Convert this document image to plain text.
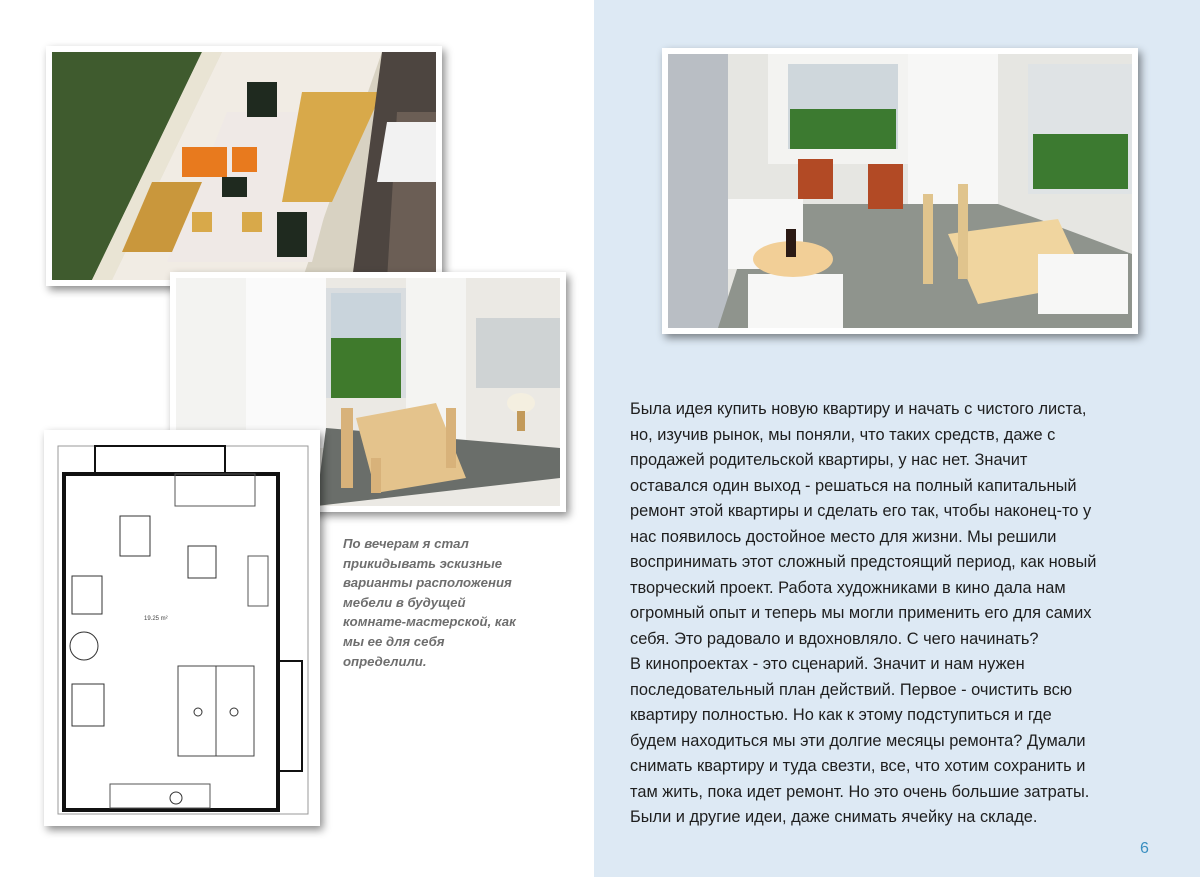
19.25 m²

По вечерам я стал прикидывать эскизные варианты расположения мебели в будущей комнате-мастерской, как мы ее для себя определили.

Была идея купить новую квартиру и начать с чистого листа,
но, изучив рынок, мы поняли, что таких средств, даже с
продажей родительской квартиры, у нас нет. Значит
оставался один выход - решаться на полный капитальный
ремонт этой квартиры и сделать его так, чтобы наконец-то у
нас появилось достойное место для жизни. Мы решили
воспринимать этот сложный предстоящий период, как новый
творческий проект. Работа художниками в кино дала нам
огромный опыт и теперь мы могли применить его для самих
себя. Это радовало и вдохновляло. С чего начинать?
В кинопроектах - это сценарий. Значит и нам нужен
последовательный план действий. Первое - очистить всю
квартиру полностью. Но как к этому подступиться и где
будем находиться мы эти долгие месяцы ремонта? Думали
снимать квартиру и туда свезти, все, что хотим сохранить и
там жить, пока идет ремонт. Но это очень большие затраты.
Были и другие идеи, даже снимать ячейку на складе.

6
